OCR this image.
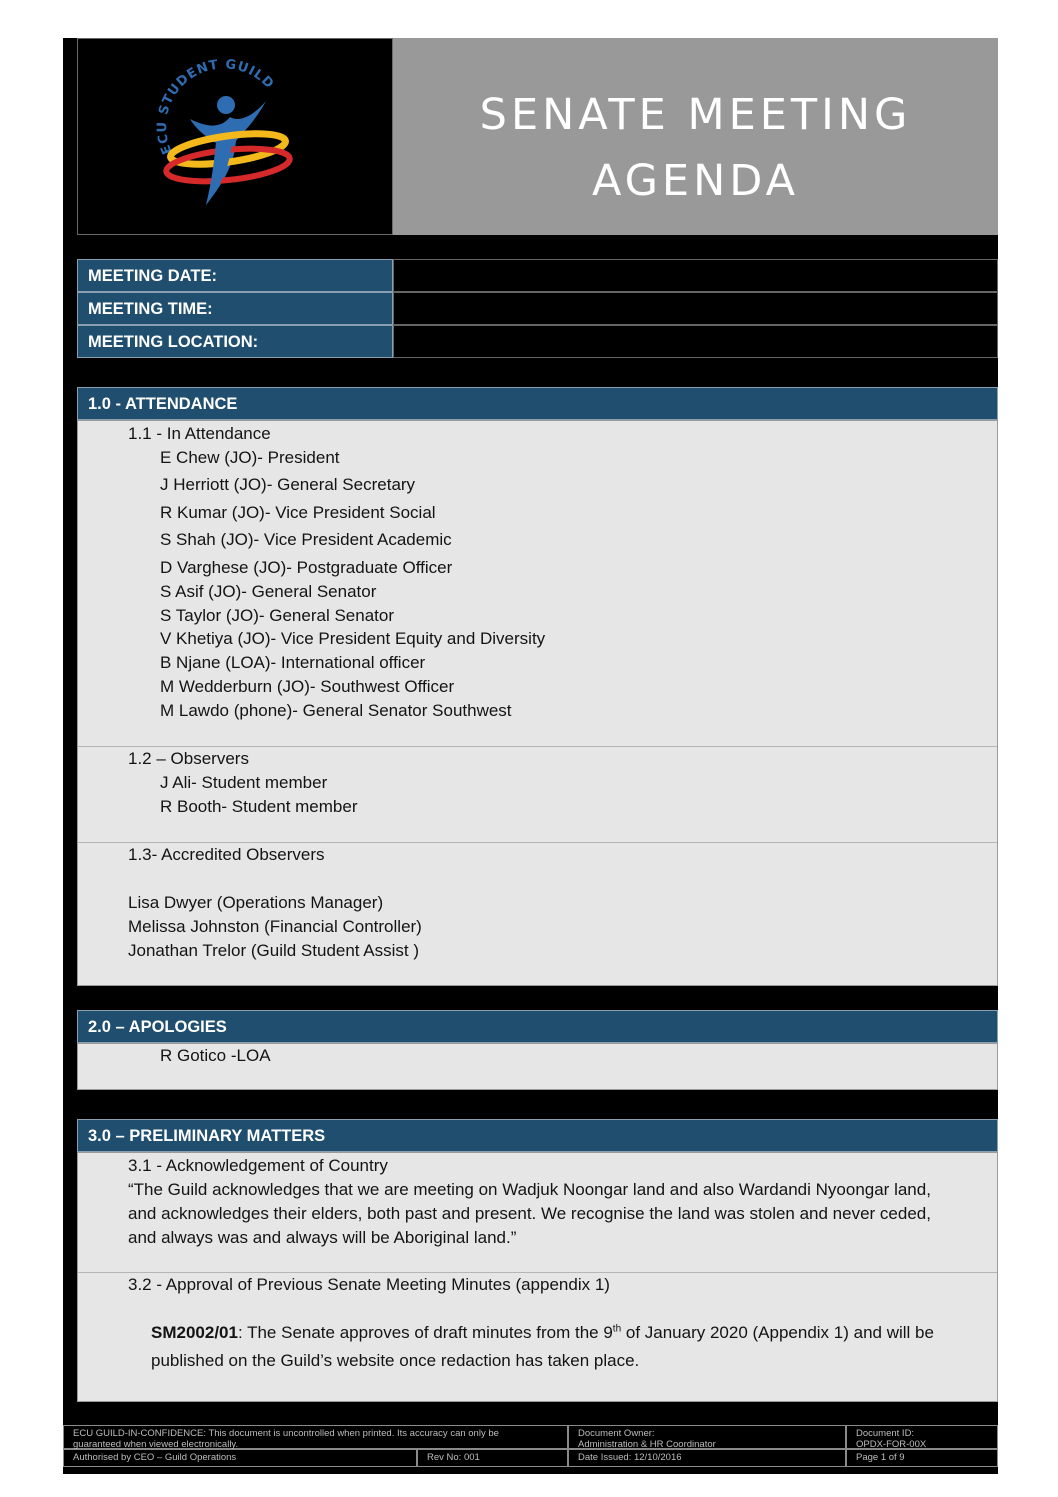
ECU STUDENT GUILD
SENATE MEETING
AGENDA
MEETING DATE:
MEETING TIME:
MEETING LOCATION:
1.0 - ATTENDANCE
1.1 - In Attendance
E Chew (JO)- President
J Herriott (JO)- General Secretary
R Kumar (JO)- Vice President Social
S Shah (JO)- Vice President Academic
D Varghese (JO)- Postgraduate Officer
S Asif (JO)- General Senator
S Taylor (JO)- General Senator
V Khetiya (JO)- Vice President Equity and Diversity
B Njane (LOA)- International officer
M Wedderburn (JO)- Southwest Officer
M Lawdo (phone)- General Senator Southwest
1.2 – Observers
J Ali- Student member
R Booth- Student member
1.3- Accredited Observers
Lisa Dwyer (Operations Manager)
Melissa Johnston (Financial Controller)
Jonathan Trelor (Guild Student Assist )
2.0 – APOLOGIES
R Gotico -LOA
3.0 – PRELIMINARY MATTERS
3.1 - Acknowledgement of Country
“The Guild acknowledges that we are meeting on Wadjuk Noongar land and also Wardandi Nyoongar land,
and acknowledges their elders, both past and present. We recognise the land was stolen and never ceded,
and always was and always will be Aboriginal land.”
3.2 - Approval of Previous Senate Meeting Minutes (appendix 1)
SM2002/01: The Senate approves of draft minutes from the 9th of January 2020 (Appendix 1) and will be
published on the Guild’s website once redaction has taken place.
ECU GUILD-IN-CONFIDENCE: This document is uncontrolled when printed. Its accuracy can only be
guaranteed when viewed electronically.
Document Owner:
Administration & HR Coordinator
Document ID:
OPDX-FOR-00X
Authorised by CEO – Guild Operations	Rev No: 001	Date Issued: 12/10/2016	Page 1 of 9
